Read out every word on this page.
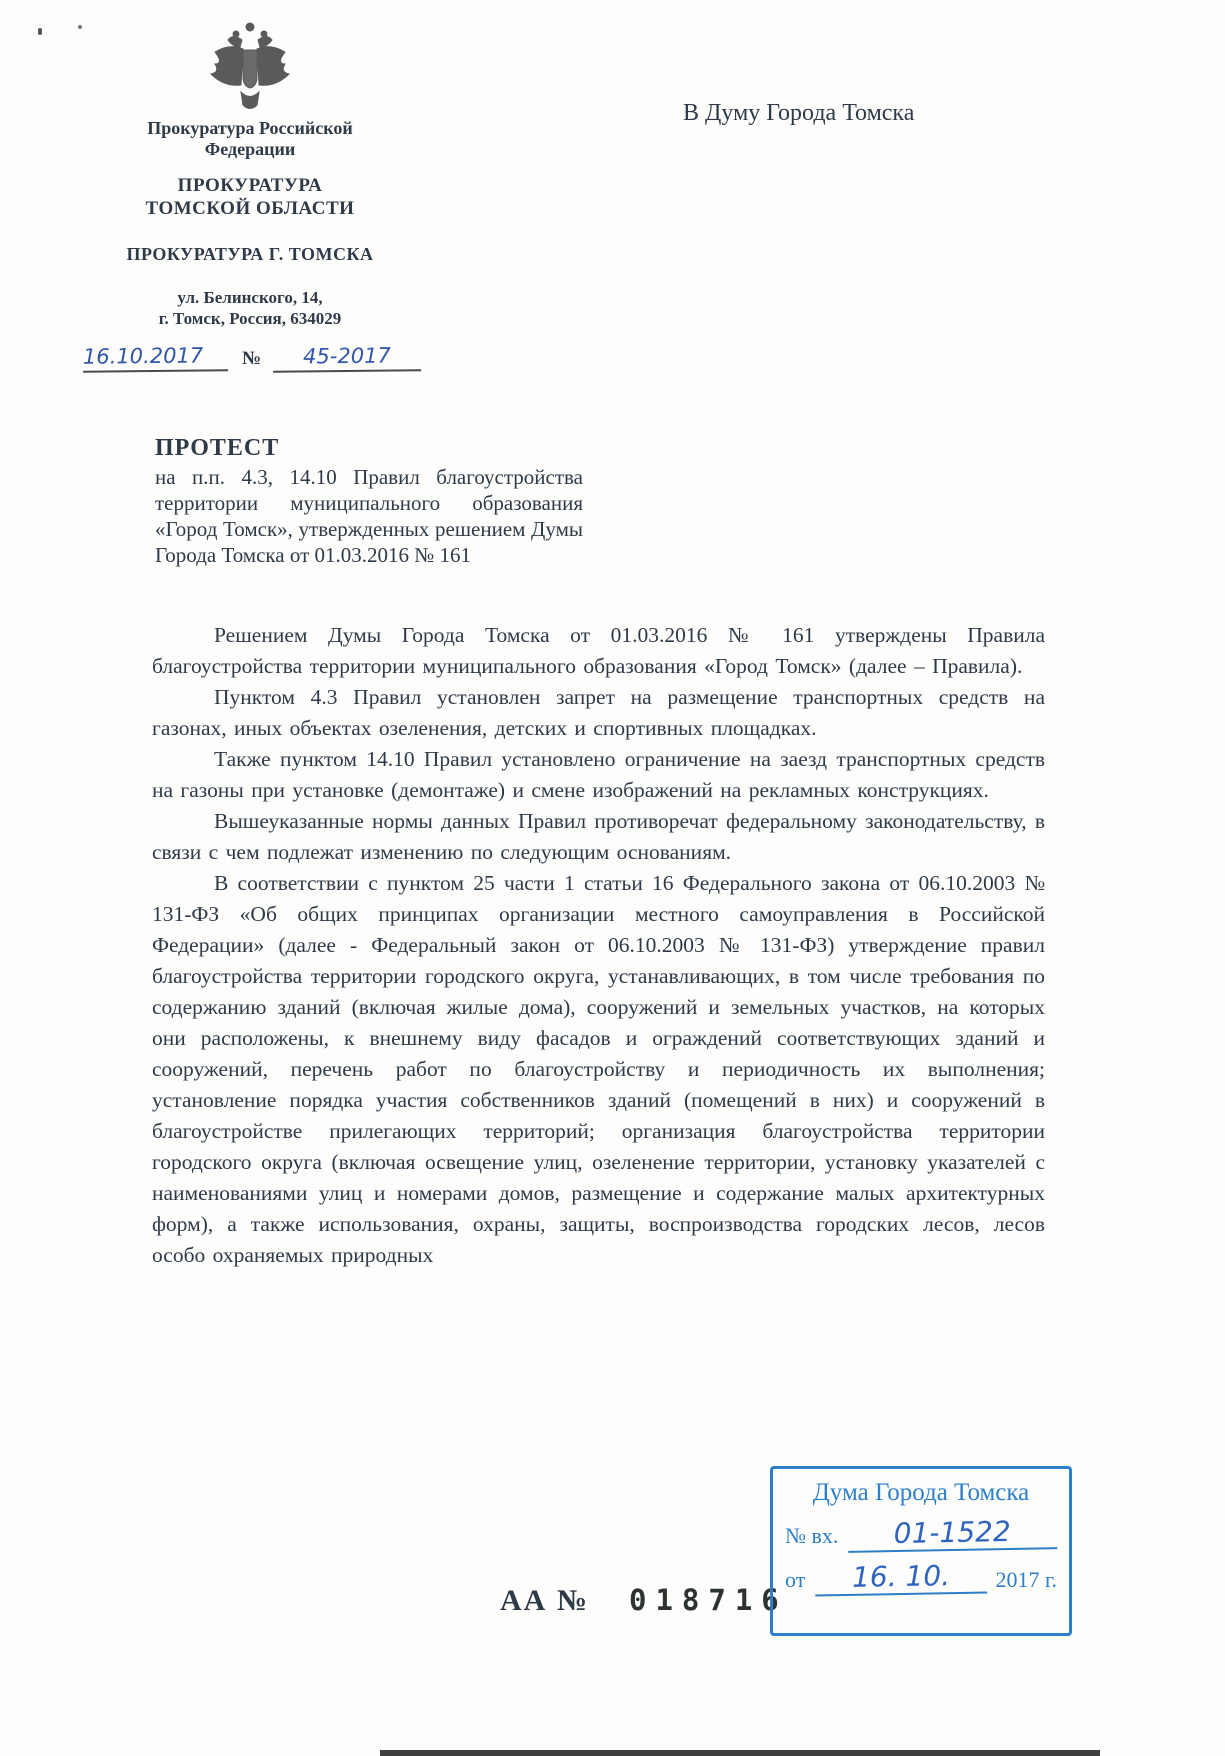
Прокуратура Российской Федерации
ПРОКУРАТУРА ТОМСКОЙ ОБЛАСТИ
ПРОКУРАТУРА Г. ТОМСКА
ул. Белинского, 14,
г. Томск, Россия, 634029
16.10.2017	№	45-2017
В Думу Города Томска

ПРОТЕСТ

на п.п. 4.3, 14.10 Правил благоустройства территории муниципального образования «Город Томск», утвержденных решением Думы Города Томска от 01.03.2016 № 161

Решением Думы Города Томска от 01.03.2016 № 161 утверждены Правила благоустройства территории муниципального образования «Город Томск» (далее – Правила).

Пунктом 4.3 Правил установлен запрет на размещение транспортных средств на газонах, иных объектах озеленения, детских и спортивных площадках.

Также пунктом 14.10 Правил установлено ограничение на заезд транспортных средств на газоны при установке (демонтаже) и смене изображений на рекламных конструкциях.

Вышеуказанные нормы данных Правил противоречат федеральному законодательству, в связи с чем подлежат изменению по следующим основаниям.

В соответствии с пунктом 25 части 1 статьи 16 Федерального закона от 06.10.2003 № 131-ФЗ «Об общих принципах организации местного самоуправления в Российской Федерации» (далее - Федеральный закон от 06.10.2003 № 131-ФЗ) утверждение правил благоустройства территории городского округа, устанавливающих, в том числе требования по содержанию зданий (включая жилые дома), сооружений и земельных участков, на которых они расположены, к внешнему виду фасадов и ограждений соответствующих зданий и сооружений, перечень работ по благоустройству и периодичность их выполнения; установление порядка участия собственников зданий (помещений в них) и сооружений в благоустройстве прилегающих территорий; организация благоустройства территории городского округа (включая освещение улиц, озеленение территории, установку указателей с наименованиями улиц и номерами домов, размещение и содержание малых архитектурных форм), а также использования, охраны, защиты, воспроизводства городских лесов, лесов особо охраняемых природных

АА № 018716
Дума Города Томска
№ вх.	01-1522
от	16. 10.	2017 г.
